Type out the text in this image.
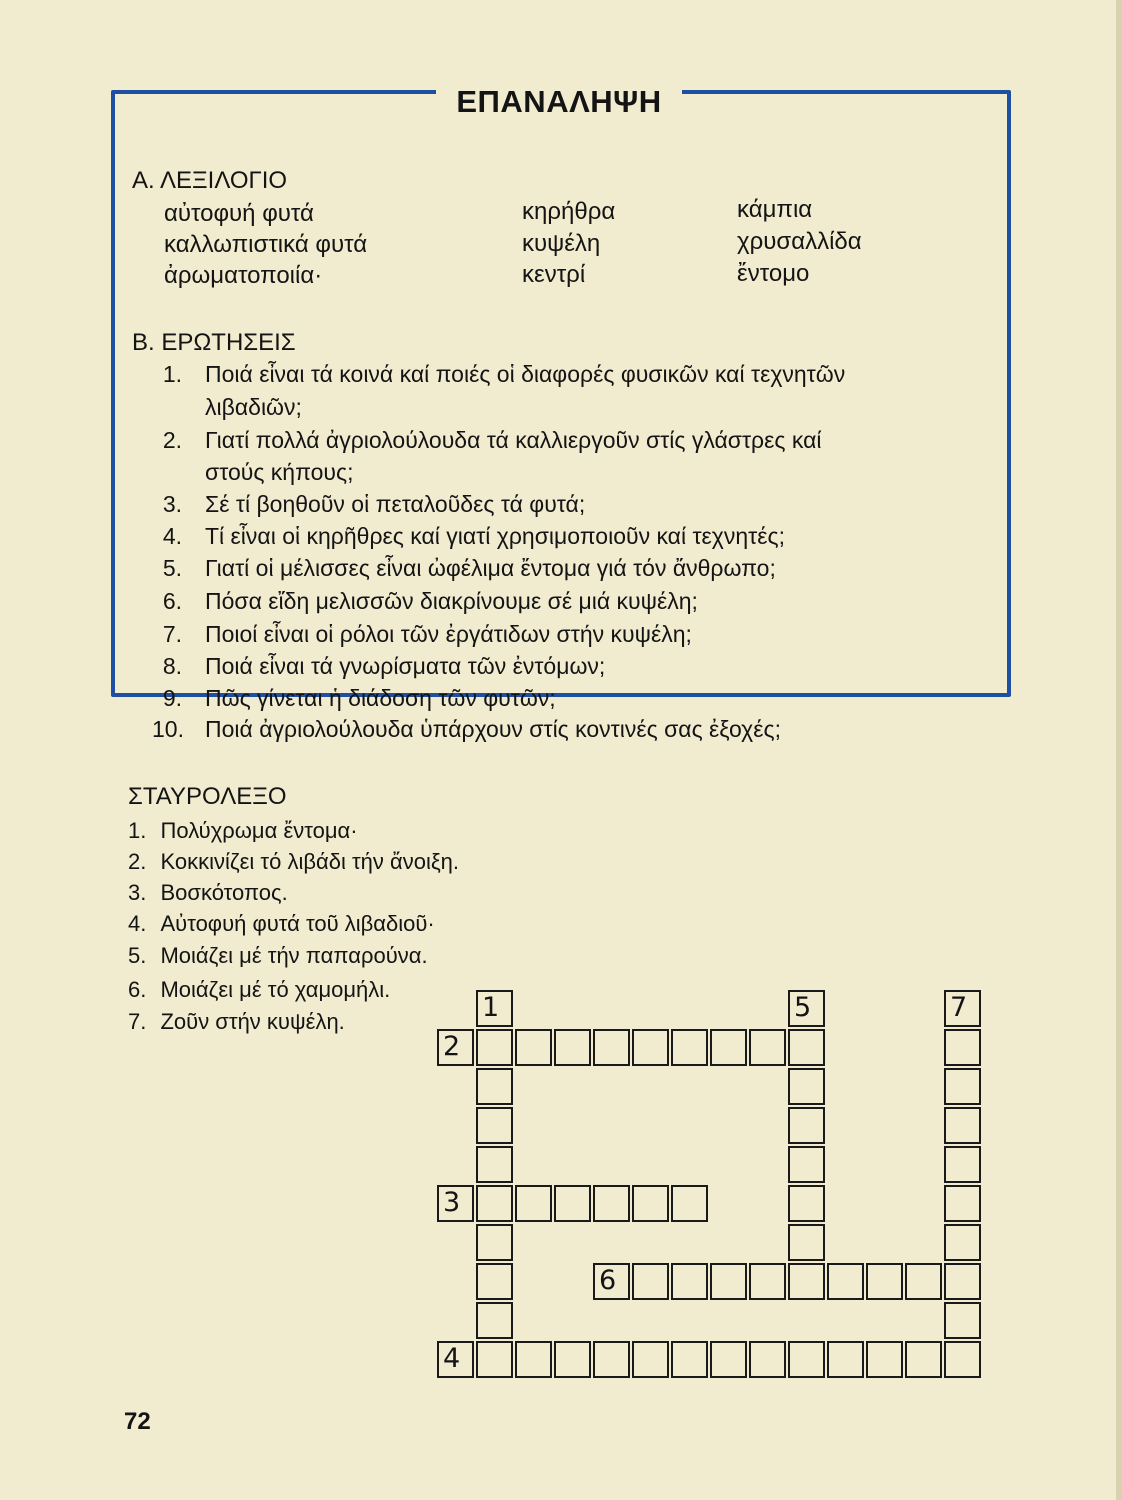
ΕΠΑΝΑΛΗΨΗ
Α. ΛΕΞΙΛΟΓΙΟ
αὐτοφυή φυτά
καλλωπιστικά φυτά
ἀρωματοποιία·
κηρήθρα
κυψέλη
κεντρί
κάμπια
χρυσαλλίδα
ἔντομο
Β. ΕΡΩΤΗΣΕΙΣ
1. Ποιά εἶναι τά κοινά καί ποιές οἱ διαφορές φυσικῶν καί τεχνητῶν
λιβαδιῶν;
2. Γιατί πολλά ἀγριολούλουδα τά καλλιεργοῦν στίς γλάστρες καί
στούς κήπους;
3. Σέ τί βοηθοῦν οἱ πεταλοῦδες τά φυτά;
4. Τί εἶναι οἱ κηρῆθρες καί γιατί χρησιμοποιοῦν καί τεχνητές;
5. Γιατί οἱ μέλισσες εἶναι ὠφέλιμα ἔντομα γιά τόν ἄνθρωπο;
6. Πόσα εἴδη μελισσῶν διακρίνουμε σέ μιά κυψέλη;
7. Ποιοί εἶναι οἱ ρόλοι τῶν ἐργάτιδων στήν κυψέλη;
8. Ποιά εἶναι τά γνωρίσματα τῶν ἐντόμων;
9. Πῶς γίνεται ἡ διάδοση τῶν φυτῶν;
10. Ποιά ἀγριολούλουδα ὑπάρχουν στίς κοντινές σας ἐξοχές;
ΣΤΑΥΡΟΛΕΞΟ
1. Πολύχρωμα ἔντομα·
2. Κοκκινίζει τό λιβάδι τήν ἄνοιξη.
3. Βοσκότοπος.
4. Αὐτοφυή φυτά τοῦ λιβαδιοῦ·
5. Μοιάζει μέ τήν παπαρούνα.
6. Μοιάζει μέ τό χαμομήλι.
7. Ζοῦν στήν κυψέλη.	1
2
3
4
5
6
7
72
